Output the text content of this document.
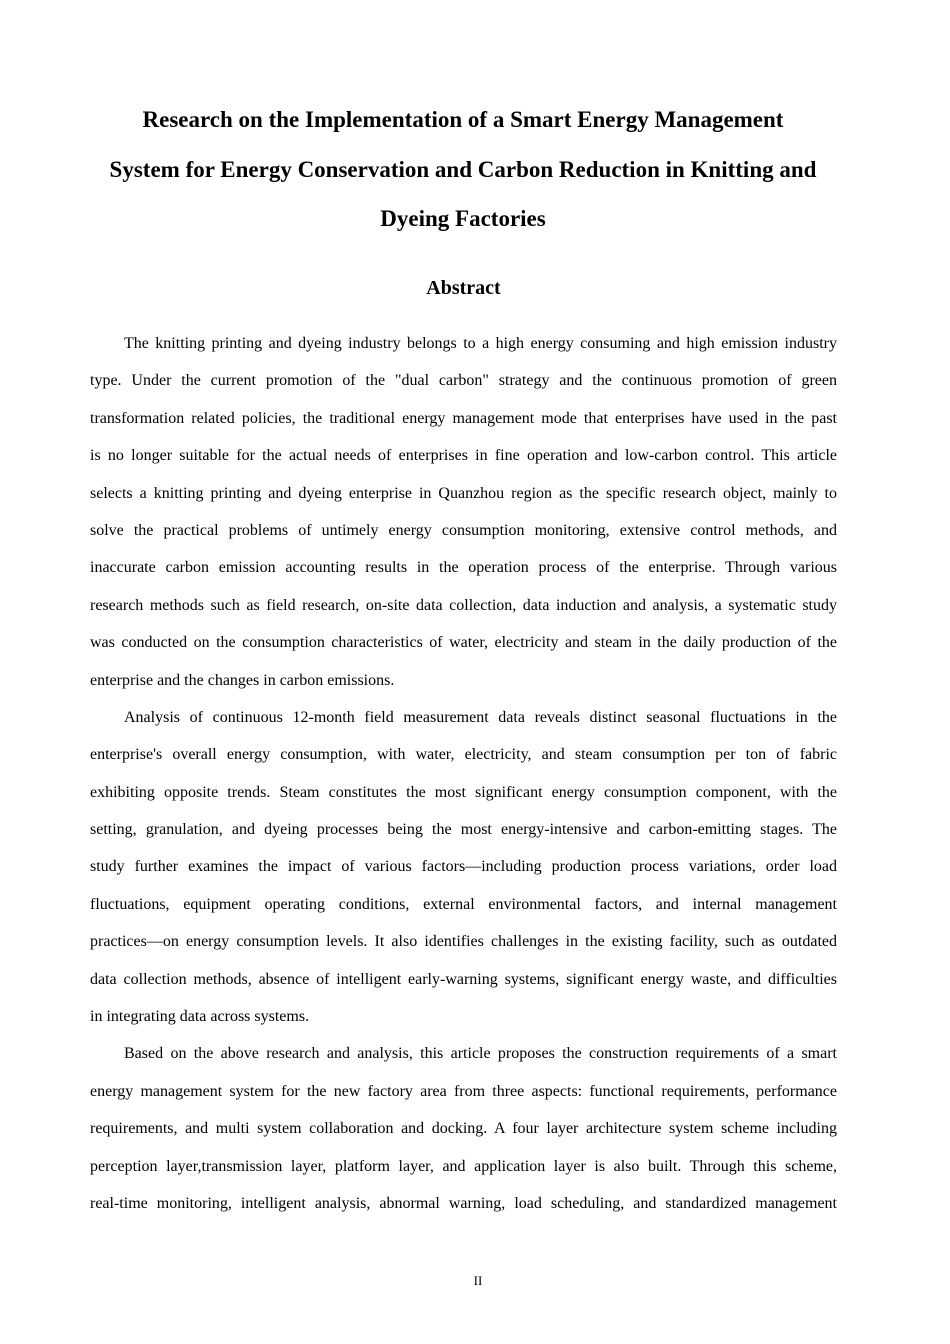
Research on the Implementation of a Smart Energy Management
System for Energy Conservation and Carbon Reduction in Knitting and
Dyeing Factories
Abstract
The knitting printing and dyeing industry belongs to a high energy consuming and high emission industry
type. Under the current promotion of the "dual carbon" strategy and the continuous promotion of green
transformation related policies, the traditional energy management mode that enterprises have used in the past
is no longer suitable for the actual needs of enterprises in fine operation and low-carbon control. This article
selects a knitting printing and dyeing enterprise in Quanzhou region as the specific research object, mainly to
solve the practical problems of untimely energy consumption monitoring, extensive control methods, and
inaccurate carbon emission accounting results in the operation process of the enterprise. Through various
research methods such as field research, on-site data collection, data induction and analysis, a systematic study
was conducted on the consumption characteristics of water, electricity and steam in the daily production of the
enterprise and the changes in carbon emissions.
Analysis of continuous 12-month field measurement data reveals distinct seasonal fluctuations in the
enterprise's overall energy consumption, with water, electricity, and steam consumption per ton of fabric
exhibiting opposite trends. Steam constitutes the most significant energy consumption component, with the
setting, granulation, and dyeing processes being the most energy-intensive and carbon-emitting stages. The
study further examines the impact of various factors—including production process variations, order load
fluctuations, equipment operating conditions, external environmental factors, and internal management
practices—on energy consumption levels. It also identifies challenges in the existing facility, such as outdated
data collection methods, absence of intelligent early-warning systems, significant energy waste, and difficulties
in integrating data across systems.
Based on the above research and analysis, this article proposes the construction requirements of a smart
energy management system for the new factory area from three aspects: functional requirements, performance
requirements, and multi system collaboration and docking. A four layer architecture system scheme including
perception layer,transmission layer, platform layer, and application layer is also built. Through this scheme,
real-time monitoring, intelligent analysis, abnormal warning, load scheduling, and standardized management
II
